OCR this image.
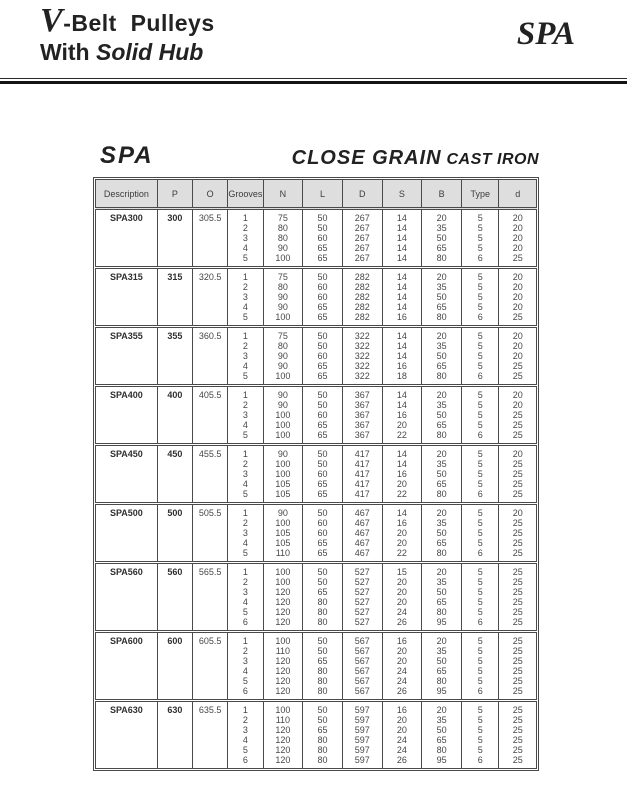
V-Belt  Pulleys
With Solid Hub	SPA
SPA	CLOSE GRAIN CAST IRON
Description	P	O	Grooves	N	L	D	S	B	Type	d
SPA300	300	305.5	1	75	50	267	14	20	5	20
			2	80	50	267	14	35	5	20
			3	80	60	267	14	50	5	20
			4	90	65	267	14	65	5	20
			5	100	65	267	14	80	6	25
SPA315	315	320.5	1	75	50	282	14	20	5	20
			2	80	60	282	14	35	5	20
			3	90	60	282	14	50	5	20
			4	90	65	282	14	65	5	20
			5	100	65	282	16	80	6	25
SPA355	355	360.5	1	75	50	322	14	20	5	20
			2	80	50	322	14	35	5	20
			3	90	60	322	14	50	5	20
			4	90	65	322	16	65	5	25
			5	100	65	322	18	80	6	25
SPA400	400	405.5	1	90	50	367	14	20	5	20
			2	90	50	367	14	35	5	20
			3	100	60	367	16	50	5	25
			4	100	65	367	20	65	5	25
			5	100	65	367	22	80	6	25
SPA450	450	455.5	1	90	50	417	14	20	5	20
			2	100	50	417	14	35	5	25
			3	100	60	417	16	50	5	25
			4	105	65	417	20	65	5	25
			5	105	65	417	22	80	6	25
SPA500	500	505.5	1	90	50	467	14	20	5	20
			2	100	60	467	16	35	5	25
			3	105	60	467	20	50	5	25
			4	105	65	467	20	65	5	25
			5	110	65	467	22	80	6	25
SPA560	560	565.5	1	100	50	527	15	20	5	25
			2	100	50	527	20	35	5	25
			3	120	65	527	20	50	5	25
			4	120	80	527	20	65	5	25
			5	120	80	527	24	80	5	25
			6	120	80	527	26	95	6	25
SPA600	600	605.5	1	100	50	567	16	20	5	25
			2	110	50	567	20	35	5	25
			3	120	65	567	20	50	5	25
			4	120	80	567	24	65	5	25
			5	120	80	567	24	80	5	25
			6	120	80	567	26	95	6	25
SPA630	630	635.5	1	100	50	597	16	20	5	25
			2	110	50	597	20	35	5	25
			3	120	65	597	20	50	5	25
			4	120	80	597	24	65	5	25
			5	120	80	597	24	80	5	25
			6	120	80	597	26	95	6	25
